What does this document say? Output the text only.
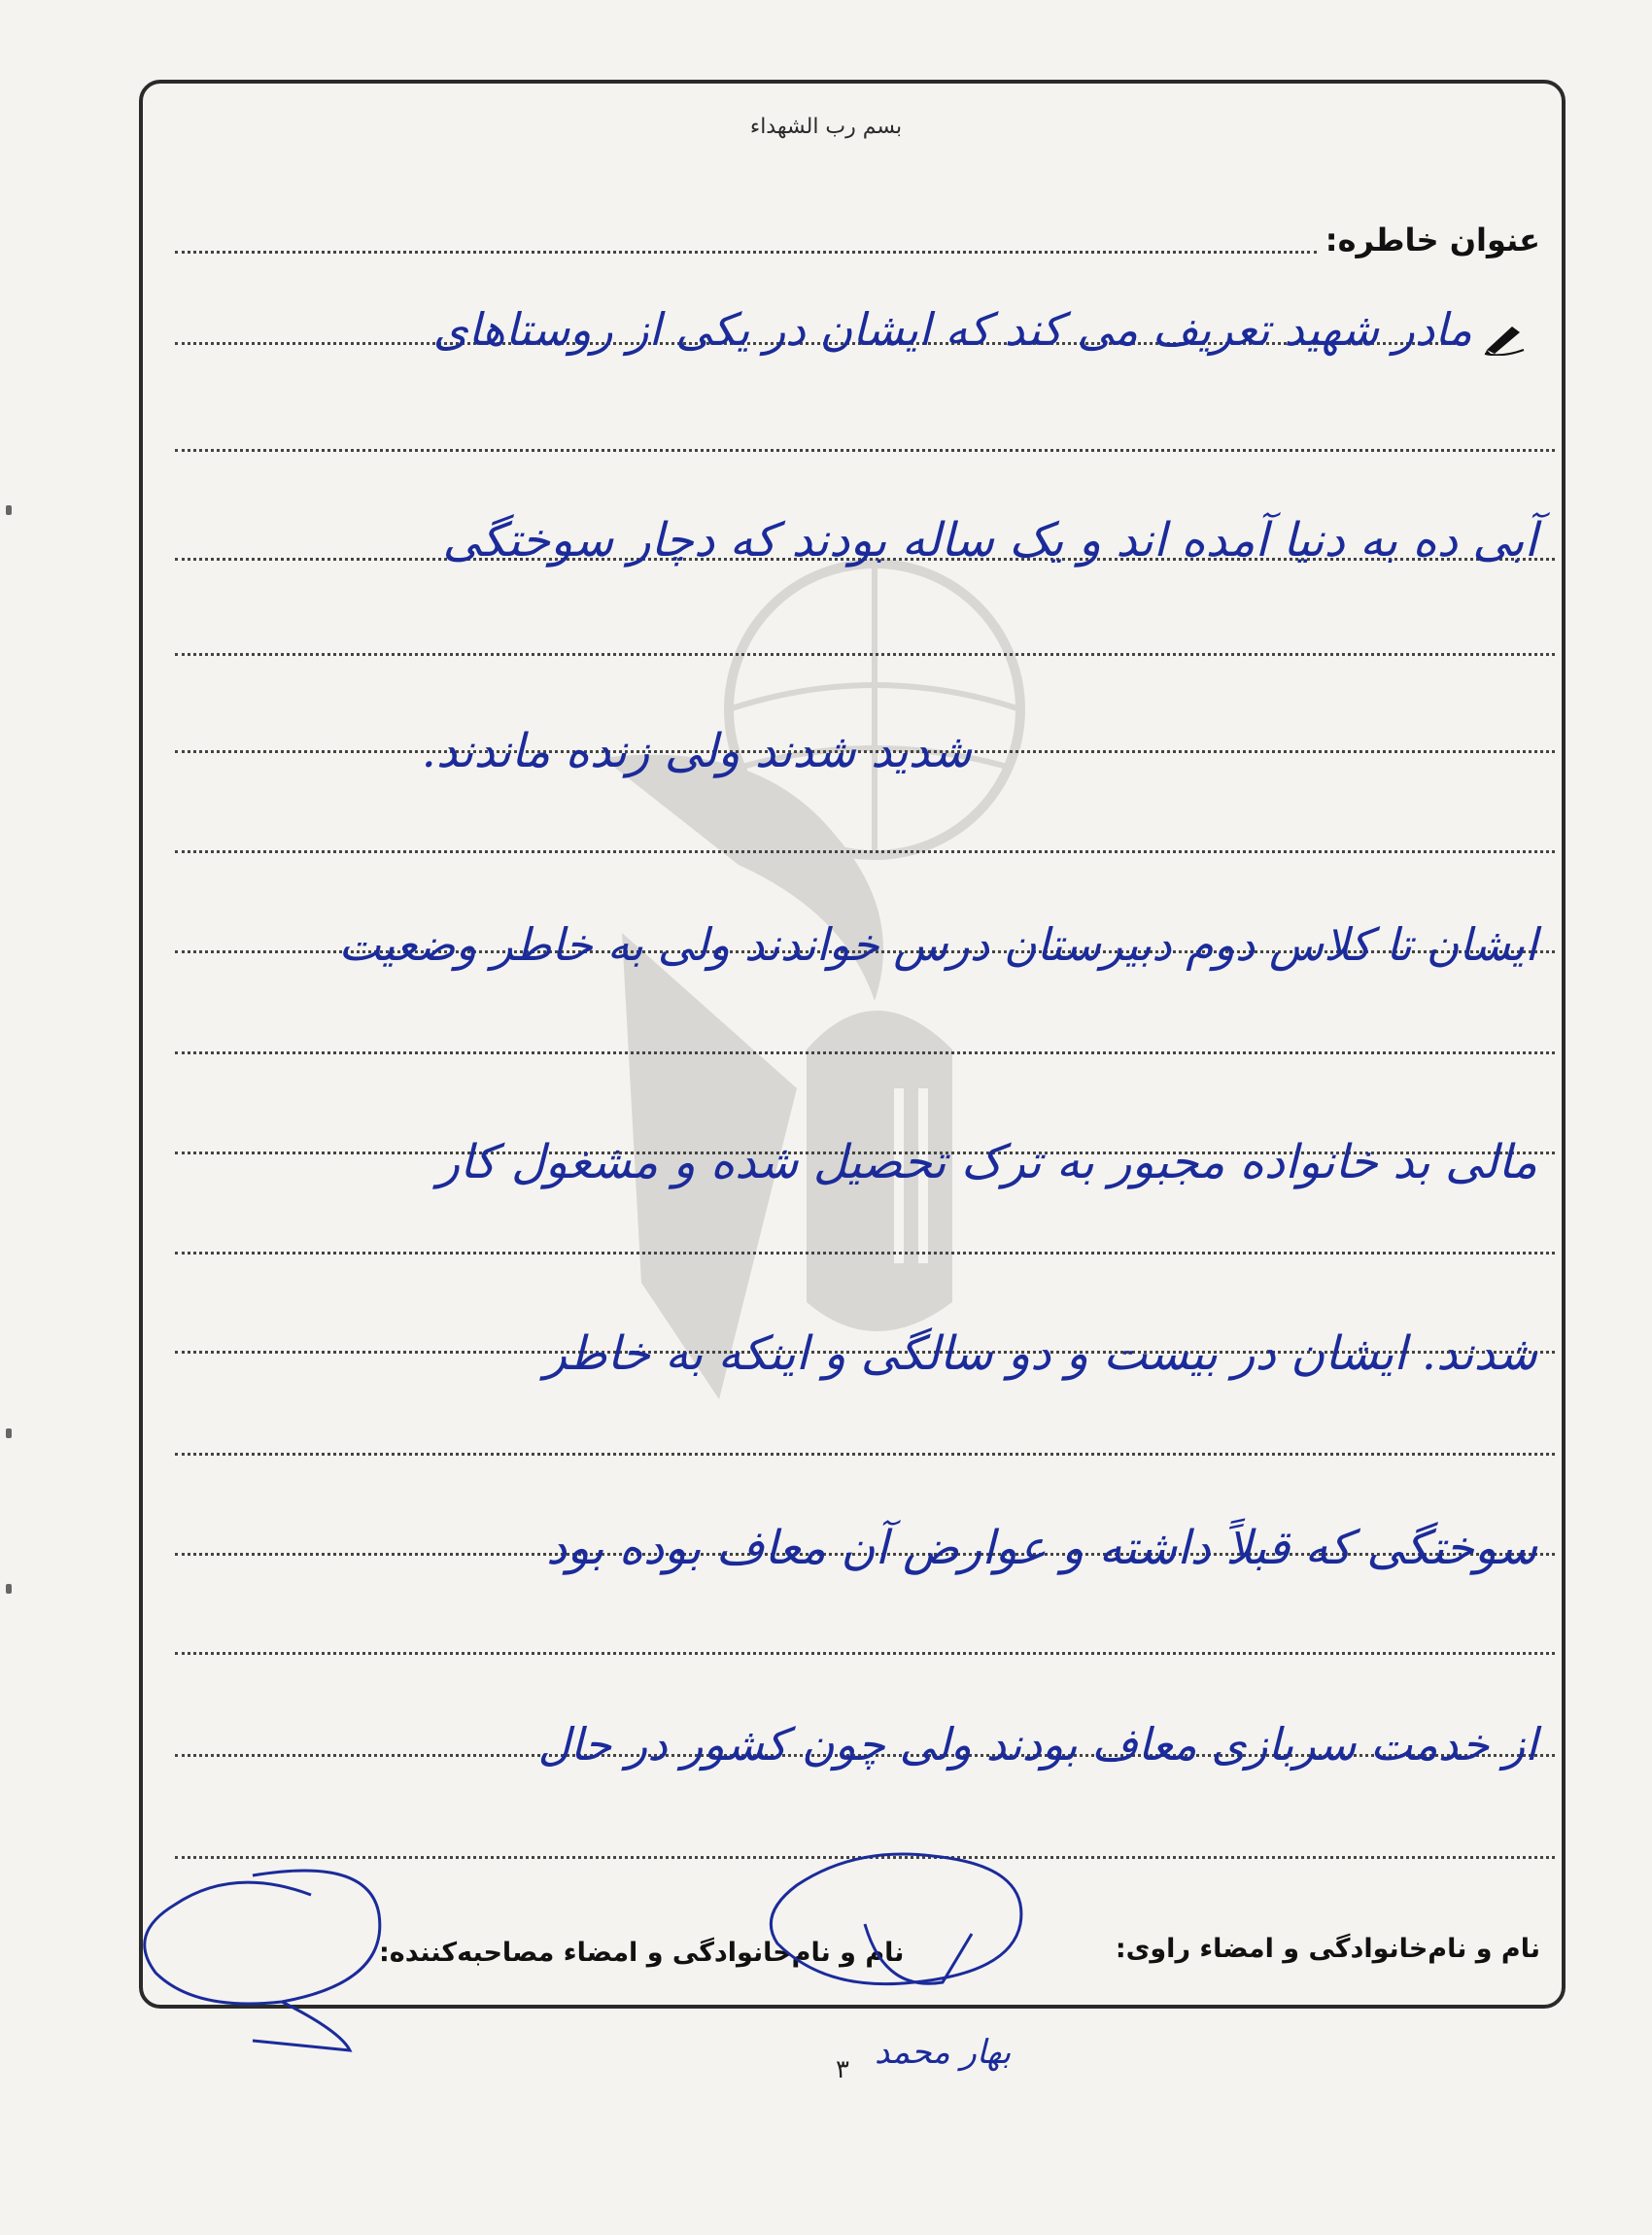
بسم رب الشهداء
عنوان خاطره:
مادر شهید تعریف می کند که ایشان در یکی از روستاهای
آبی ده به دنیا آمده اند و یک ساله بودند که دچار سوختگی
شدید شدند ولی زنده ماندند.
ایشان تا کلاس دوم دبیرستان درس خواندند ولی به خاطر وضعیت
مالی بد خانواده مجبور به ترک تحصیل شده و مشغول کار
شدند. ایشان در بیست و دو سالگی و اینکه به خاطر
سوختگی که قبلاً داشته و عوارض آن معاف بوده بود
از خدمت سربازی معاف بودند ولی چون کشور در حال
نام و نام‌خانوادگی و امضاء راوی:
نام و نام‌خانوادگی و امضاء مصاحبه‌کننده:
بهار محمد
۳
